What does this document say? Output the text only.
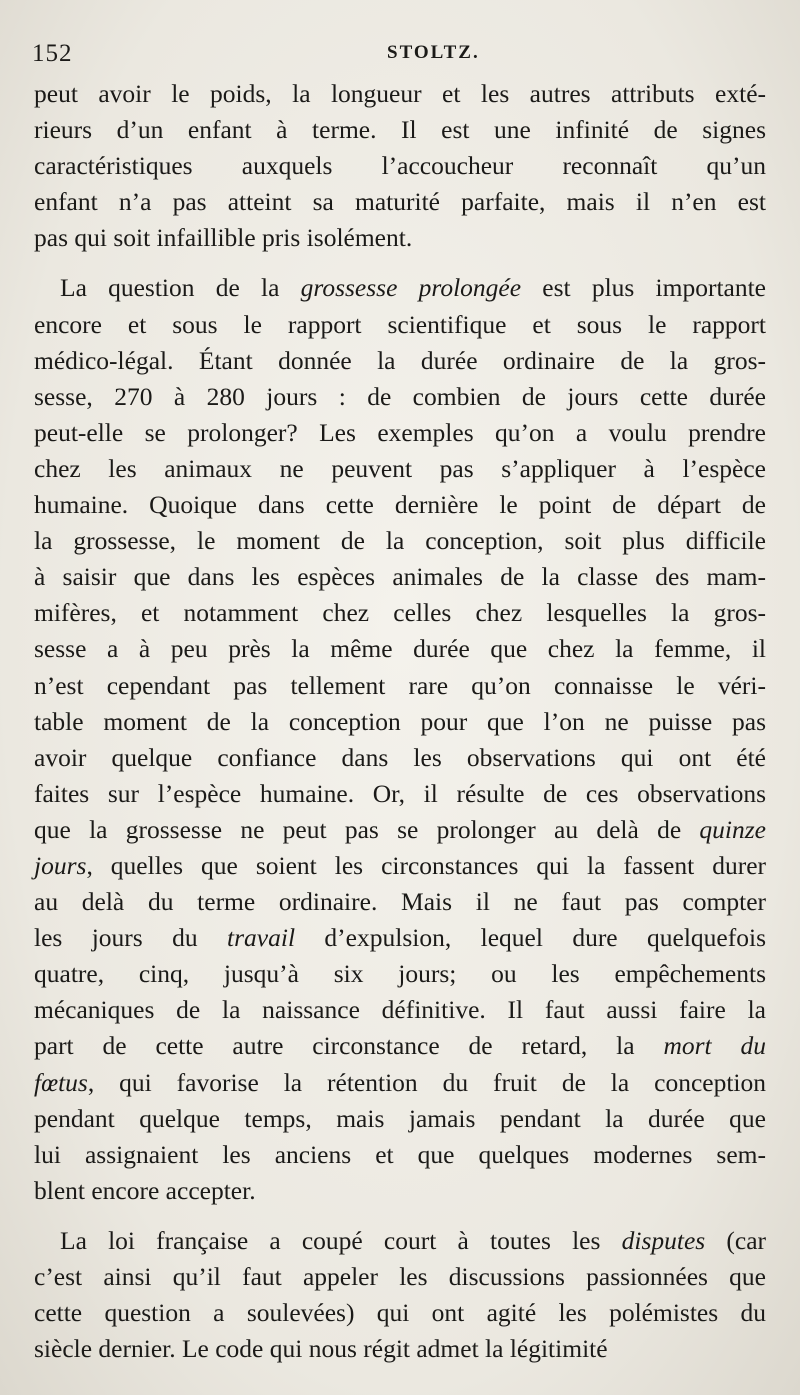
152	STOLTZ.
peut avoir le poids, la longueur et les autres attributs exté-
rieurs d’un enfant à terme. Il est une infinité de signes
caractéristiques auxquels l’accoucheur reconnaît qu’un
enfant n’a pas atteint sa maturité parfaite, mais il n’en est
pas qui soit infaillible pris isolément.
La question de la grossesse prolongée est plus importante
encore et sous le rapport scientifique et sous le rapport
médico-légal. Étant donnée la durée ordinaire de la gros-
sesse, 270 à 280 jours : de combien de jours cette durée
peut-elle se prolonger? Les exemples qu’on a voulu prendre
chez les animaux ne peuvent pas s’appliquer à l’espèce
humaine. Quoique dans cette dernière le point de départ de
la grossesse, le moment de la conception, soit plus difficile
à saisir que dans les espèces animales de la classe des mam-
mifères, et notamment chez celles chez lesquelles la gros-
sesse a à peu près la même durée que chez la femme, il
n’est cependant pas tellement rare qu’on connaisse le véri-
table moment de la conception pour que l’on ne puisse pas
avoir quelque confiance dans les observations qui ont été
faites sur l’espèce humaine. Or, il résulte de ces observations
que la grossesse ne peut pas se prolonger au delà de quinze
jours, quelles que soient les circonstances qui la fassent durer
au delà du terme ordinaire. Mais il ne faut pas compter
les jours du travail d’expulsion, lequel dure quelquefois
quatre, cinq, jusqu’à six jours; ou les empêchements
mécaniques de la naissance définitive. Il faut aussi faire la
part de cette autre circonstance de retard, la mort du
fœtus, qui favorise la rétention du fruit de la conception
pendant quelque temps, mais jamais pendant la durée que
lui assignaient les anciens et que quelques modernes sem-
blent encore accepter.
La loi française a coupé court à toutes les disputes (car
c’est ainsi qu’il faut appeler les discussions passionnées que
cette question a soulevées) qui ont agité les polémistes du
siècle dernier. Le code qui nous régit admet la légitimité
